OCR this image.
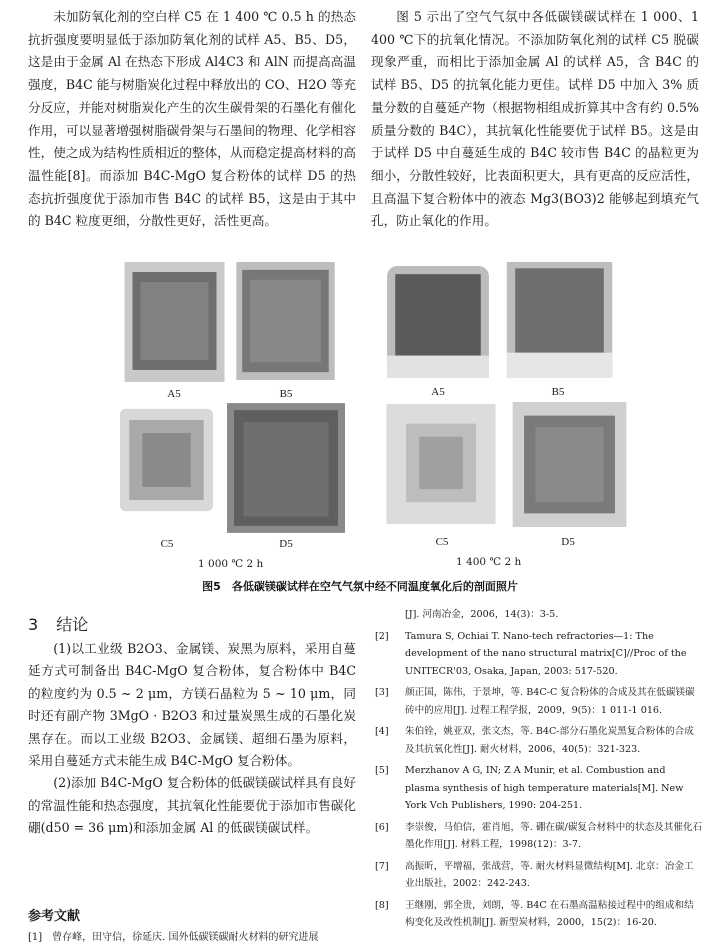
未加防氧化剂的空白样 C5 在 1 400 ℃ 0.5 h 的热态抗折强度要明显低于添加防氧化剂的试样 A5、B5、D5，这是由于金属 Al 在热态下形成 Al4C3 和 AlN 而提高高温强度，B4C 能与树脂炭化过程中释放出的 CO、H2O 等充分反应，并能对树脂炭化产生的次生碳骨架的石墨化有催化作用，可以显著增强树脂碳骨架与石墨间的物理、化学相容性，使之成为结构性质相近的整体，从而稳定提高材料的高温性能[8]。而添加 B4C-MgO 复合粉体的试样 D5 的热态抗折强度优于添加市售 B4C 的试样 B5，这是由于其中的 B4C 粒度更细，分散性更好，活性更高。

图 5 示出了空气气氛中各低碳镁碳试样在 1 000、1 400 ℃下的抗氧化情况。不添加防氧化剂的试样 C5 脱碳现象严重，而相比于添加金属 Al 的试样 A5，含 B4C 的试样 B5、D5 的抗氧化能力更佳。试样 D5 中加入 3% 质量分数的自蔓延产物（根据物相组成折算其中含有约 0.5% 质量分数的 B4C），其抗氧化性能要优于试样 B5。这是由于试样 D5 中自蔓延生成的 B4C 较市售 B4C 的晶粒更为细小，分散性较好，比表面积更大，具有更高的反应活性，且高温下复合粉体中的液态 Mg3(BO3)2 能够起到填充气孔，防止氧化的作用。

A5	B5
C5	D5
1 000 ℃ 2 h
A5	B5
C5	D5
1 400 ℃ 2 h
图5　各低碳镁碳试样在空气气氛中经不同温度氧化后的剖面照片
3 结论

(1)以工业级 B2O3、金属镁、炭黑为原料，采用自蔓延方式可制备出 B4C-MgO 复合粉体，复合粉体中 B4C 的粒度约为 0.5 ~ 2 μm，方镁石晶粒为 5 ~ 10 μm，同时还有副产物 3MgO · B2O3 和过量炭黑生成的石墨化炭黑存在。而以工业级 B2O3、金属镁、超细石墨为原料，采用自蔓延方式未能生成 B4C-MgO 复合粉体。

(2)添加 B4C-MgO 复合粉体的低碳镁碳试样具有良好的常温性能和热态强度，其抗氧化性能要优于添加市售碳化硼(d50 = 36 μm)和添加金属 Al 的低碳镁碳试样。

参考文献
[1]　曾存峰，田守信，徐延庆. 国外低碳镁碳耐火材料的研究进展
[J]. 河南冶金，2006，14(3)：3-5.
[2] Tamura S, Ochiai T. Nano-tech refractories—1: The development of the nano structural matrix[C]//Proc of the UNITECR'03, Osaka, Japan, 2003: 517-520.
[3] 颜正国，陈伟，于景坤，等. B4C-C 复合粉体的合成及其在低碳镁碳砖中的应用[J]. 过程工程学报，2009，9(5)：1 011-1 016.
[4] 朱伯铨，姚亚双，张文杰，等. B4C-部分石墨化炭黑复合粉体的合成及其抗氧化性[J]. 耐火材料，2006，40(5)：321-323.
[5] Merzhanov A G, IN; Z A Munir, et al. Combustion and plasma synthesis of high temperature materials[M]. New York Vch Publishers, 1990: 204-251.
[6] 李崇俊，马伯信，霍肖旭，等. 硼在碳/碳复合材料中的状态及其催化石墨化作用[J]. 材料工程，1998(12)：3-7.
[7] 高振昕，平增福，张战营，等. 耐火材料显微结构[M]. 北京：冶金工业出版社，2002：242-243.
[8] 王继刚，郭全贵，刘朗，等. B4C 在石墨高温粘接过程中的组成和结构变化及改性机制[J]. 新型炭材料，2000，15(2)：16-20.
